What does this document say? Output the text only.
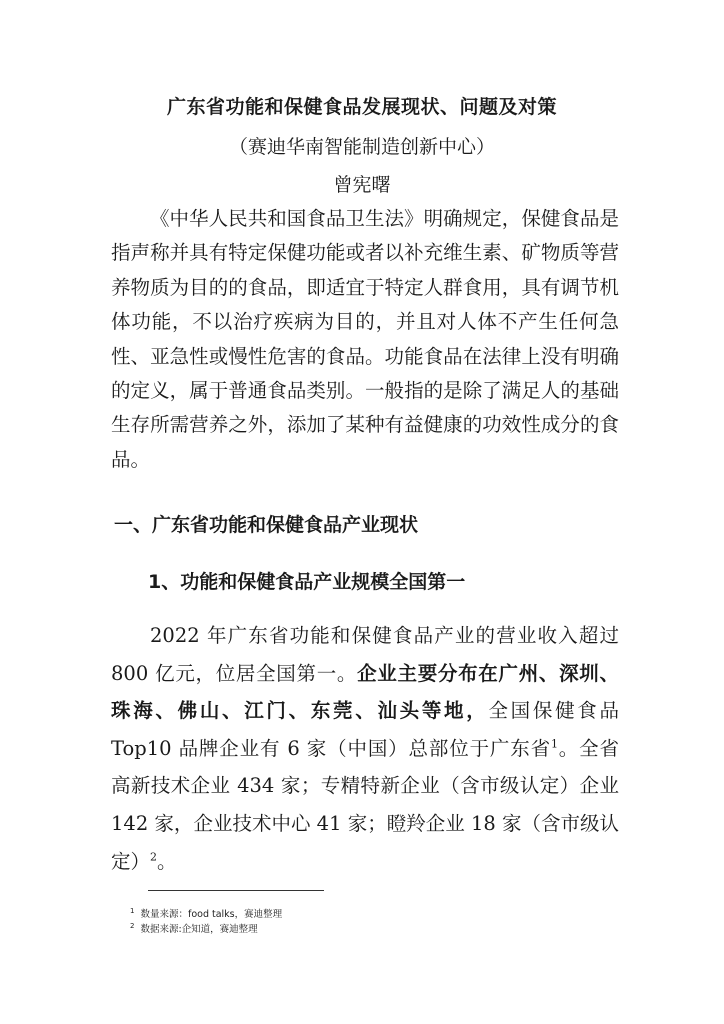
广东省功能和保健食品发展现状、问题及对策
（赛迪华南智能制造创新中心）
曾宪曙

《中华人民共和国食品卫生法》明确规定，保健食品是指声称并具有特定保健功能或者以补充维生素、矿物质等营养物质为目的的食品，即适宜于特定人群食用，具有调节机体功能，不以治疗疾病为目的，并且对人体不产生任何急性、亚急性或慢性危害的食品。功能食品在法律上没有明确的定义，属于普通食品类别。一般指的是除了满足人的基础生存所需营养之外，添加了某种有益健康的功效性成分的食品。

一、广东省功能和保健食品产业现状
1、功能和保健食品产业规模全国第一

2022 年广东省功能和保健食品产业的营业收入超过 800 亿元，位居全国第一。企业主要分布在广州、深圳、珠海、佛山、江门、东莞、汕头等地，全国保健食品 Top10 品牌企业有 6 家（中国）总部位于广东省$^1$。全省高新技术企业 434 家；专精特新企业（含市级认定）企业 142 家，企业技术中心 41 家；瞪羚企业 18 家（含市级认定）$^2$。

$^1$ 数量来源：food talks，赛迪整理
$^2$ 数据来源:企知道，赛迪整理
